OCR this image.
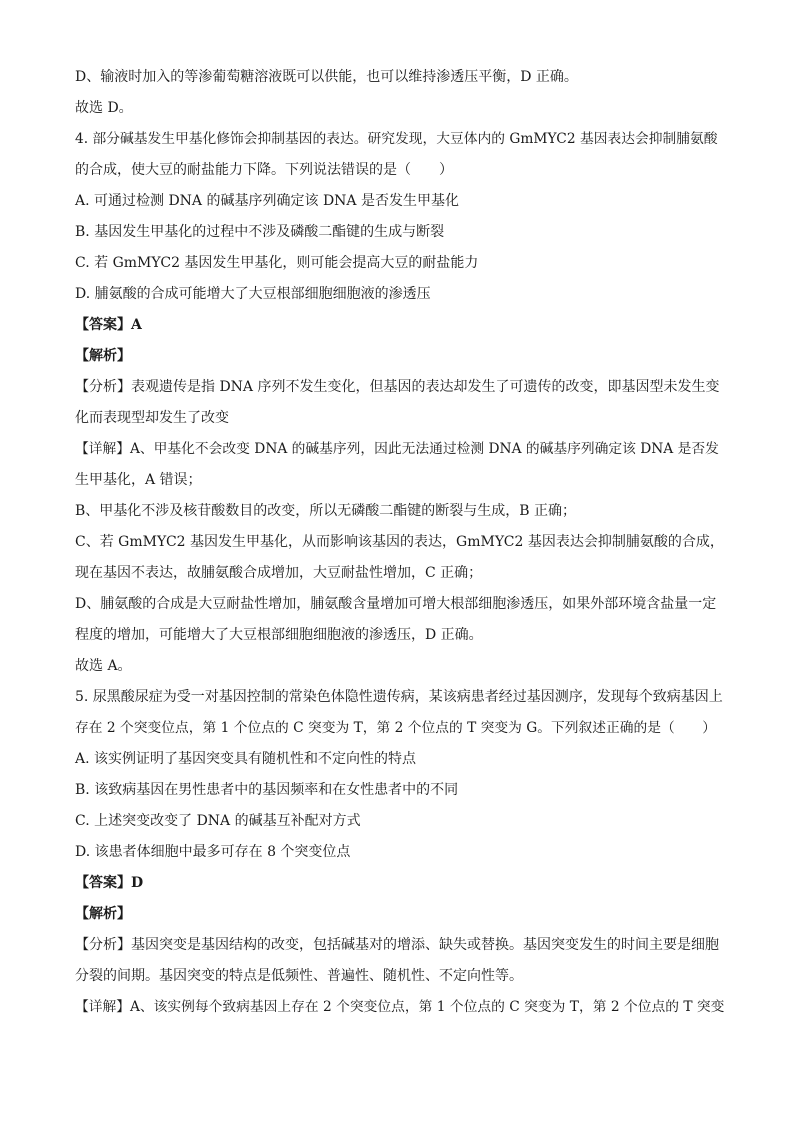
D、输液时加入的等渗葡萄糖溶液既可以供能，也可以维持渗透压平衡，D 正确。
故选 D。
4. 部分碱基发生甲基化修饰会抑制基因的表达。研究发现，大豆体内的 GmMYC2 基因表达会抑制脯氨酸
的合成，使大豆的耐盐能力下降。下列说法错误的是（　　）
A. 可通过检测 DNA 的碱基序列确定该 DNA 是否发生甲基化
B. 基因发生甲基化的过程中不涉及磷酸二酯键的生成与断裂
C. 若 GmMYC2 基因发生甲基化，则可能会提高大豆的耐盐能力
D. 脯氨酸的合成可能增大了大豆根部细胞细胞液的渗透压
【答案】A
【解析】
【分析】表观遗传是指 DNA 序列不发生变化，但基因的表达却发生了可遗传的改变，即基因型未发生变
化而表现型却发生了改变
【详解】A、甲基化不会改变 DNA 的碱基序列，因此无法通过检测 DNA 的碱基序列确定该 DNA 是否发
生甲基化，A 错误；
B、甲基化不涉及核苷酸数目的改变，所以无磷酸二酯键的断裂与生成，B 正确；
C、若 GmMYC2 基因发生甲基化，从而影响该基因的表达，GmMYC2 基因表达会抑制脯氨酸的合成，
现在基因不表达，故脯氨酸合成增加，大豆耐盐性增加，C 正确；
D、脯氨酸的合成是大豆耐盐性增加，脯氨酸含量增加可增大根部细胞渗透压，如果外部环境含盐量一定
程度的增加，可能增大了大豆根部细胞细胞液的渗透压，D 正确。
故选 A。
5. 尿黑酸尿症为受一对基因控制的常染色体隐性遗传病，某该病患者经过基因测序，发现每个致病基因上
存在 2 个突变位点，第 1 个位点的 C 突变为 T，第 2 个位点的 T 突变为 G。下列叙述正确的是（　　）
A. 该实例证明了基因突变具有随机性和不定向性的特点
B. 该致病基因在男性患者中的基因频率和在女性患者中的不同
C. 上述突变改变了 DNA 的碱基互补配对方式
D. 该患者体细胞中最多可存在 8 个突变位点
【答案】D
【解析】
【分析】基因突变是基因结构的改变，包括碱基对的增添、缺失或替换。基因突变发生的时间主要是细胞
分裂的间期。基因突变的特点是低频性、普遍性、随机性、不定向性等。
【详解】A、该实例每个致病基因上存在 2 个突变位点，第 1 个位点的 C 突变为 T，第 2 个位点的 T 突变
